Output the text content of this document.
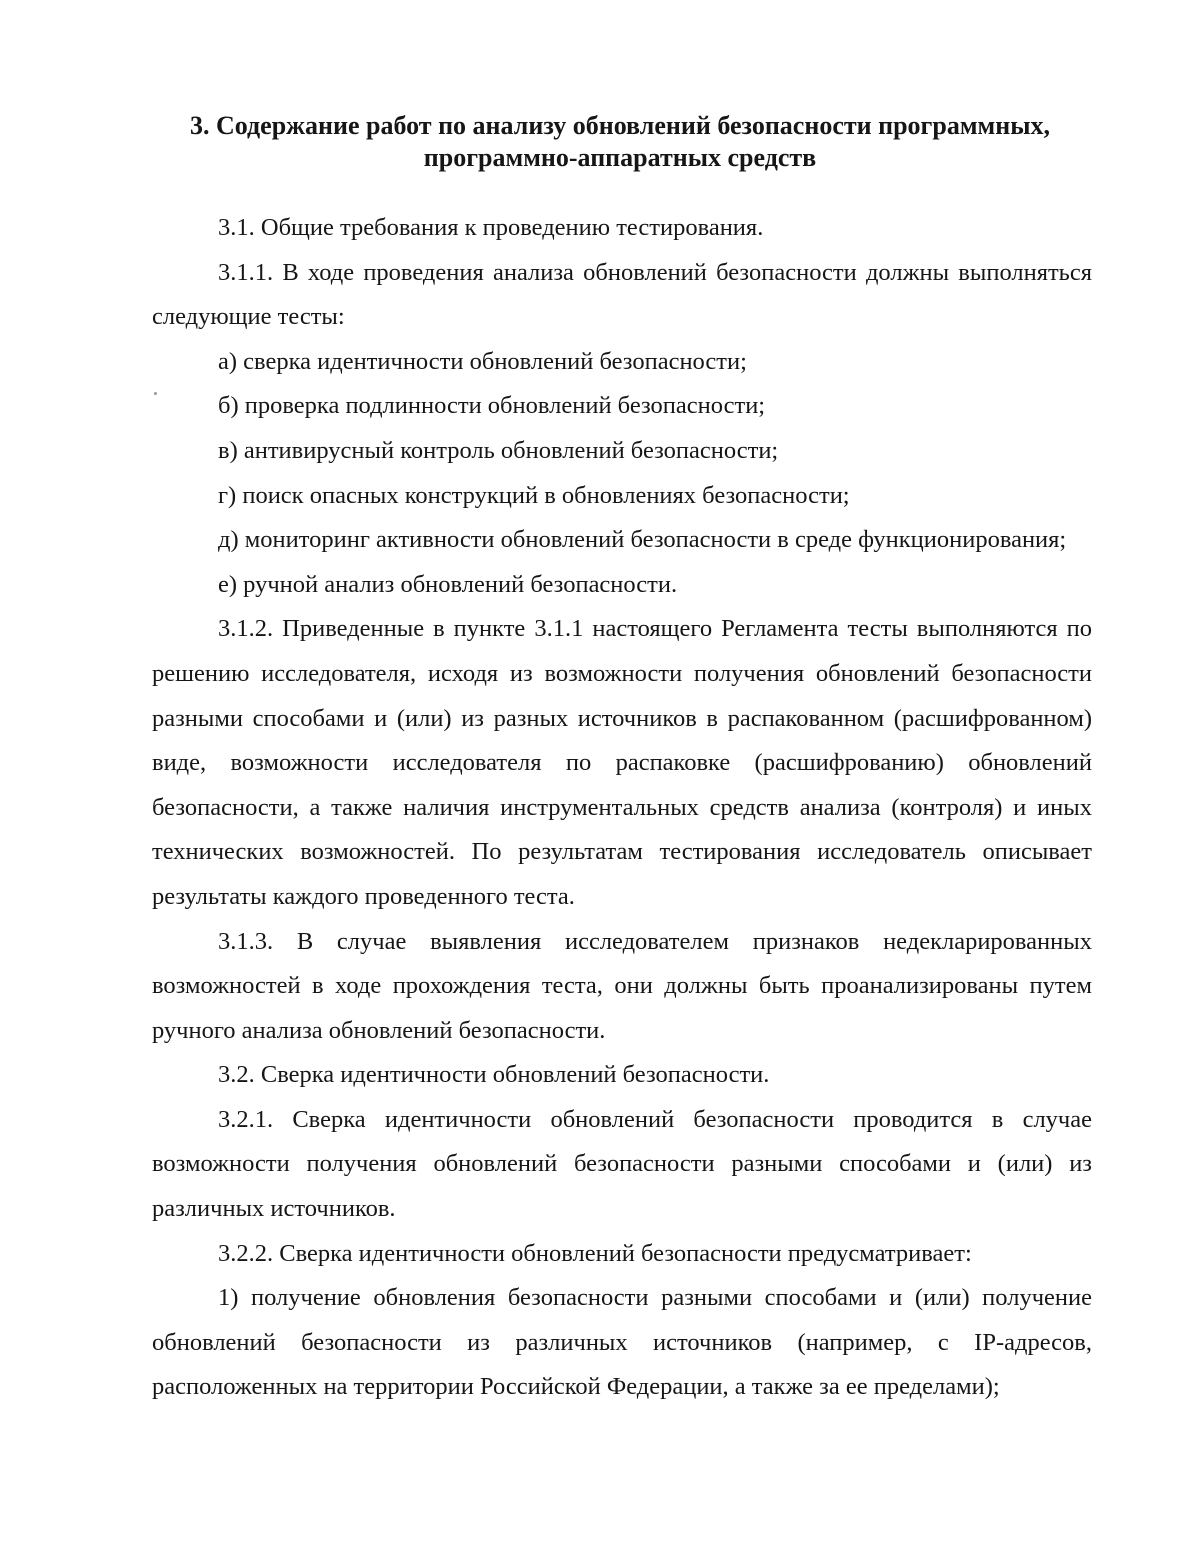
3. Содержание работ по анализу обновлений безопасности программных,
программно-аппаратных средств

3.1. Общие требования к проведению тестирования.

3.1.1. В ходе проведения анализа обновлений безопасности должны выполняться следующие тесты:

а) сверка идентичности обновлений безопасности;

б) проверка подлинности обновлений безопасности;

в) антивирусный контроль обновлений безопасности;

г) поиск опасных конструкций в обновлениях безопасности;

д) мониторинг активности обновлений безопасности в среде функционирования;

е) ручной анализ обновлений безопасности.

3.1.2. Приведенные в пункте 3.1.1 настоящего Регламента тесты выполняются по решению исследователя, исходя из возможности получения обновлений безопасности разными способами и (или) из разных источников в распакованном (расшифрованном) виде, возможности исследователя по распаковке (расшифрованию) обновлений безопасности, а также наличия инструментальных средств анализа (контроля) и иных технических возможностей. По результатам тестирования исследователь описывает результаты каждого проведенного теста.

3.1.3. В случае выявления исследователем признаков недекларированных возможностей в ходе прохождения теста, они должны быть проанализированы путем ручного анализа обновлений безопасности.

3.2. Сверка идентичности обновлений безопасности.

3.2.1. Сверка идентичности обновлений безопасности проводится в случае возможности получения обновлений безопасности разными способами и (или) из различных источников.

3.2.2. Сверка идентичности обновлений безопасности предусматривает:

1) получение обновления безопасности разными способами и (или) получение обновлений безопасности из различных источников (например, с IP-адресов, расположенных на территории Российской Федерации, а также за ее пределами);
